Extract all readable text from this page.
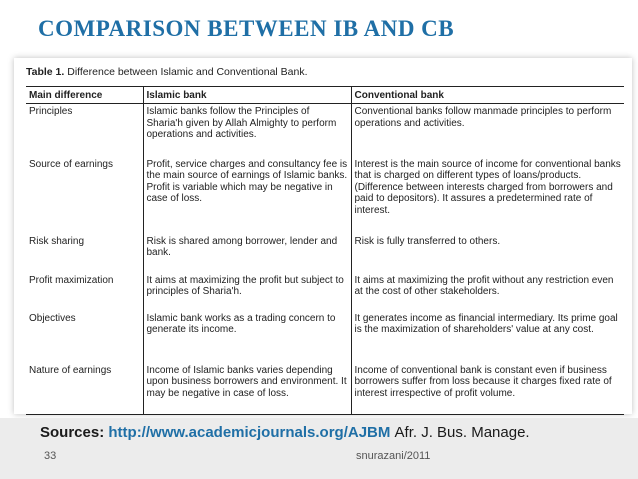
COMPARISON BETWEEN IB AND CB
Table 1. Difference between Islamic and Conventional Bank.
Main difference	Islamic bank	Conventional bank
Principles	Islamic banks follow the Principles of Sharia'h given by Allah Almighty to perform operations and activities.	Conventional banks follow manmade principles to perform operations and activities.
Source of earnings	Profit, service charges and consultancy fee is the main source of earnings of Islamic banks. Profit is variable which may be negative in case of loss.	Interest is the main source of income for conventional banks that is charged on different types of loans/products. (Difference between interests charged from borrowers and paid to depositors). It assures a predetermined rate of interest.
Risk sharing	Risk is shared among borrower, lender and bank.	Risk is fully transferred to others.
Profit maximization	It aims at maximizing the profit but subject to principles of Sharia'h.	It aims at maximizing the profit without any restriction even at the cost of other stakeholders.
Objectives	Islamic bank works as a trading concern to generate its income.	It generates income as financial intermediary. Its prime goal is the maximization of shareholders' value at any cost.
Nature of earnings	Income of Islamic banks varies depending upon business borrowers and environment. It may be negative in case of loss.	Income of conventional bank is constant even if business borrowers suffer from loss because it charges fixed rate of interest irrespective of profit volume.
Sources: http://www.academicjournals.org/AJBM Afr. J. Bus. Manage.
33	snurazani/2011
